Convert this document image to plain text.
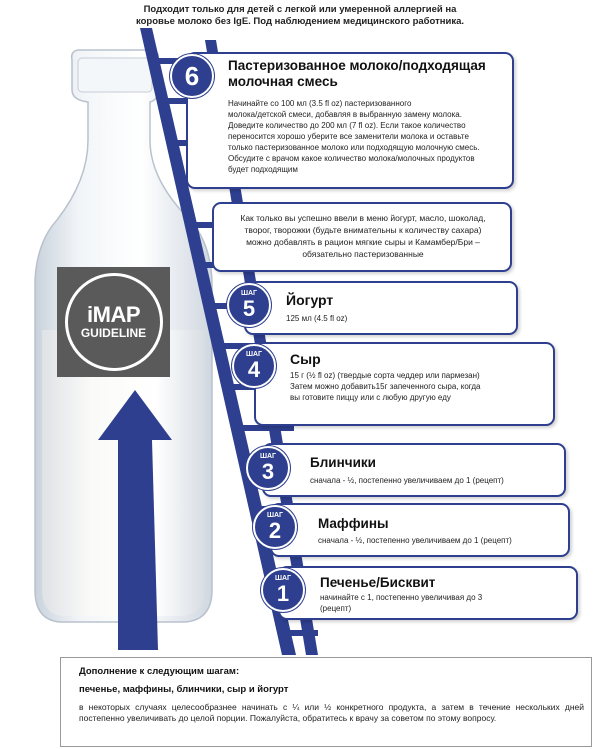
Подходит только для детей с легкой или умеренной аллергией на
коровье молоко без IgE. Под наблюдением медицинского работника.
iMAP
GUIDELINE
Пастеризованное молоко/подходящая
молочная смесь
Начинайте со 100 мл (3.5 fl oz) пастеризованного
молока/детской смеси, добавляя в выбранную замену молока.
Доведите количество до 200 мл (7 fl oz). Если такое количество
переносится хорошо уберите все заменители молока и оставьте
только пастеризованное молоко или подходящую молочную смесь.
Обсудите с врачом какое количество молока/молочных продуктов
будет подходящим
6
Как только вы успешно ввели в меню йогурт, масло, шоколад,
творог, творожки (будьте внимательны к количеству сахара)
можно добавлять в рацион мягкие сыры и Камамбер/Бри –
обязательно пастеризованные
Йогурт
125 мл (4.5 fl oz)
ШАГ
5
Сыр
15 г (½ fl oz) (твердые сорта чеддер или пармезан)
Затем можно добавить15г запеченного сыра, когда
вы готовите пиццу или с любую другую еду
ШАГ
4
Блинчики
сначала - ½, постепенно увеличиваем до 1 (рецепт)
ШАГ
3
Маффины
сначала - ½, постепенно увеличиваем до 1 (рецепт)
ШАГ
2
Печенье/Бисквит
начинайте с 1, постепенно увеличивая до 3
(рецепт)
ШАГ
1
Дополнение к следующим шагам:
печенье, маффины, блинчики, сыр и йогурт
в некоторых случаях целесообразнее начинать с ¼ или ½ конкретного продукта, а затем в течение нескольких дней постепенно увеличивать до целой порции. Пожалуйста, обратитесь к врачу за советом по этому вопросу.
